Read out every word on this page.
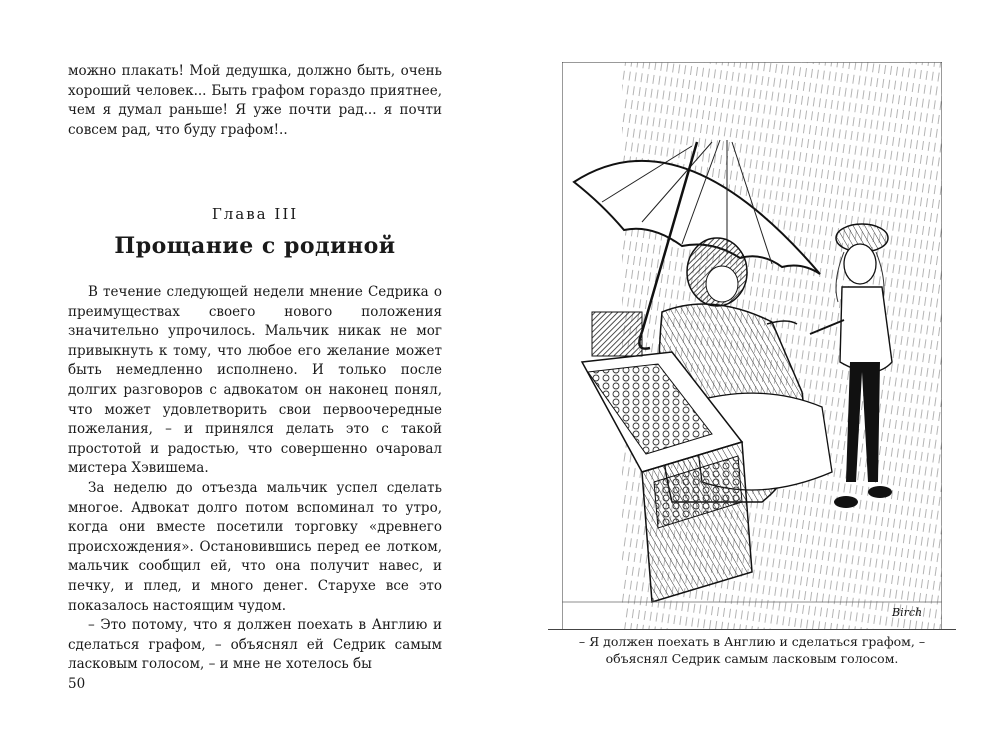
можно плакать! Мой дедушка, должно быть, очень хороший человек... Быть графом гораздо приятнее, чем я думал раньше! Я уже почти рад... я почти совсем рад, что буду графом!..

Глава III
Прощание с родиной

В течение следующей недели мнение Седрика о преимуществах своего нового положения значительно упрочилось. Мальчик никак не мог привыкнуть к тому, что любое его желание может быть немедленно исполнено. И только после долгих разговоров с адвокатом он наконец понял, что может удовлетворить свои первоочередные пожелания, – и принялся делать это с такой простотой и радостью, что совершенно очаровал мистера Хэвишема.

За неделю до отъезда мальчик успел сделать многое. Адвокат долго потом вспоминал то утро, когда они вместе посетили торговку «древнего происхождения». Остановившись перед ее лотком, мальчик сообщил ей, что она получит навес, и печку, и плед, и много денег. Старухе все это показалось настоящим чудом.

– Это потому, что я должен поехать в Англию и сделаться графом, – объяснял ей Седрик самым ласковым голосом, – и мне не хотелось бы

50
Birch
– Я должен поехать в Англию и сделаться графом, –
объяснял Седрик самым ласковым голосом.
